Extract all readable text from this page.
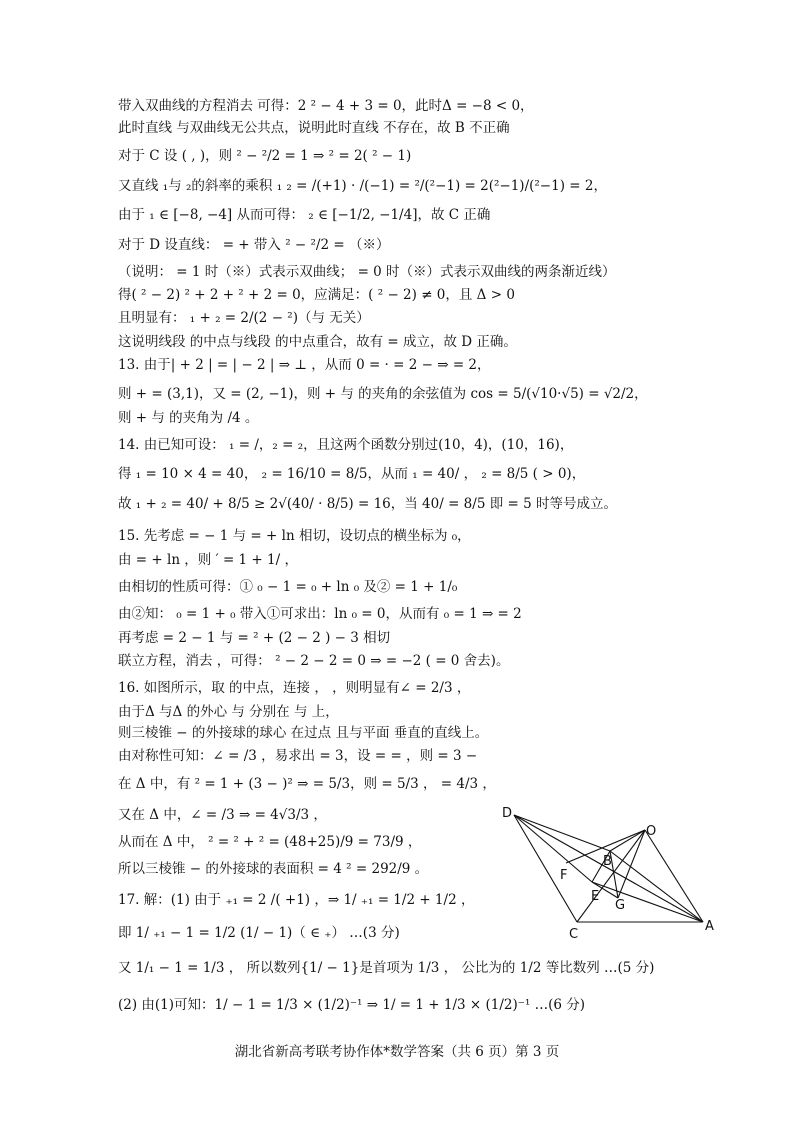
带入双曲线的方程消去 可得：2 ² − 4 + 3 = 0，此时Δ = −8 < 0，
此时直线 与双曲线无公共点，说明此时直线 不存在，故 B 不正确
对于 C 设 ( , )，则 ² − ²/2 = 1 ⇒ ² = 2( ² − 1)
又直线 ₁与 ₂的斜率的乘积 ₁ ₂ = /(+1) · /(−1) = ²/(²−1) = 2(²−1)/(²−1) = 2，
由于 ₁ ∈ [−8, −4] 从而可得： ₂ ∈ [−1/2, −1/4]，故 C 正确
对于 D 设直线： = + 带入 ² − ²/2 = （※）
（说明： = 1 时（※）式表示双曲线； = 0 时（※）式表示双曲线的两条渐近线）
得( ² − 2) ² + 2 + ² + 2 = 0，应满足：( ² − 2) ≠ 0，且 Δ > 0
且明显有： ₁ + ₂ = 2/(2 − ²)（与 无关）
这说明线段 的中点与线段 的中点重合，故有 = 成立，故 D 正确。
13. 由于| + 2 | = | − 2 | ⇒ ⊥ ，从而 0 = · = 2 − ⇒ = 2，
则 + = (3,1)，又 = (2, −1)，则 + 与 的夹角的余弦值为 cos = 5/(√10·√5) = √2/2，
则 + 与 的夹角为 /4 。
14. 由已知可设： ₁ = /，₂ = ₂，且这两个函数分别过(10，4)，(10，16)，
得 ₁ = 10 × 4 = 40， ₂ = 16/10 = 8/5，从而 ₁ = 40/ ， ₂ = 8/5 ( > 0)，
故 ₁ + ₂ = 40/ + 8/5 ≥ 2√(40/ · 8/5) = 16，当 40/ = 8/5 即 = 5 时等号成立。
15. 先考虑 = − 1 与 = + ln 相切，设切点的横坐标为 ₀，
由 = + ln ，则 ′ = 1 + 1/ ，
由相切的性质可得：① ₀ − 1 = ₀ + ln ₀ 及② = 1 + 1/₀
由②知： ₀ = 1 + ₀ 带入①可求出：ln ₀ = 0，从而有 ₀ = 1 ⇒ = 2
再考虑 = 2 − 1 与 = ² + (2 − 2 ) − 3 相切
联立方程，消去 ，可得： ² − 2 − 2 = 0 ⇒ = −2 ( = 0 舍去)。
16. 如图所示，取 的中点，连接 ， ，则明显有∠ = 2/3 ，
由于Δ 与Δ 的外心 与 分别在 与 上，
则三棱锥 − 的外接球的球心 在过点 且与平面 垂直的直线上。
由对称性可知：∠ = /3 ，易求出 = 3，设 = = ，则 = 3 −
在 Δ 中，有 ² = 1 + (3 − )² ⇒ = 5/3，则 = 5/3 ， = 4/3 ，
又在 Δ 中，∠ = /3 ⇒ = 4√3/3 ，
从而在 Δ 中， ² = ² + ² = (48+25)/9 = 73/9 ，
所以三棱锥 − 的外接球的表面积 = 4 ² = 292/9 。
17. 解：(1) 由于 ₊₁ = 2 /( +1) ，⇒ 1/ ₊₁ = 1/2 + 1/2 ，
即 1/ ₊₁ − 1 = 1/2 (1/ − 1)（ ∈ ₊） …(3 分)
又 1/₁ − 1 = 1/3 ， 所以数列{1/ − 1}是首项为 1/3 ， 公比为的 1/2 等比数列 …(5 分)
(2) 由(1)可知：1/ − 1 = 1/3 × (1/2)⁻¹ ⇒ 1/ = 1 + 1/3 × (1/2)⁻¹ …(6 分)
D
O
B
F
E
G
C
A
湖北省新高考联考协作体*数学答案（共 6 页）第 3 页
